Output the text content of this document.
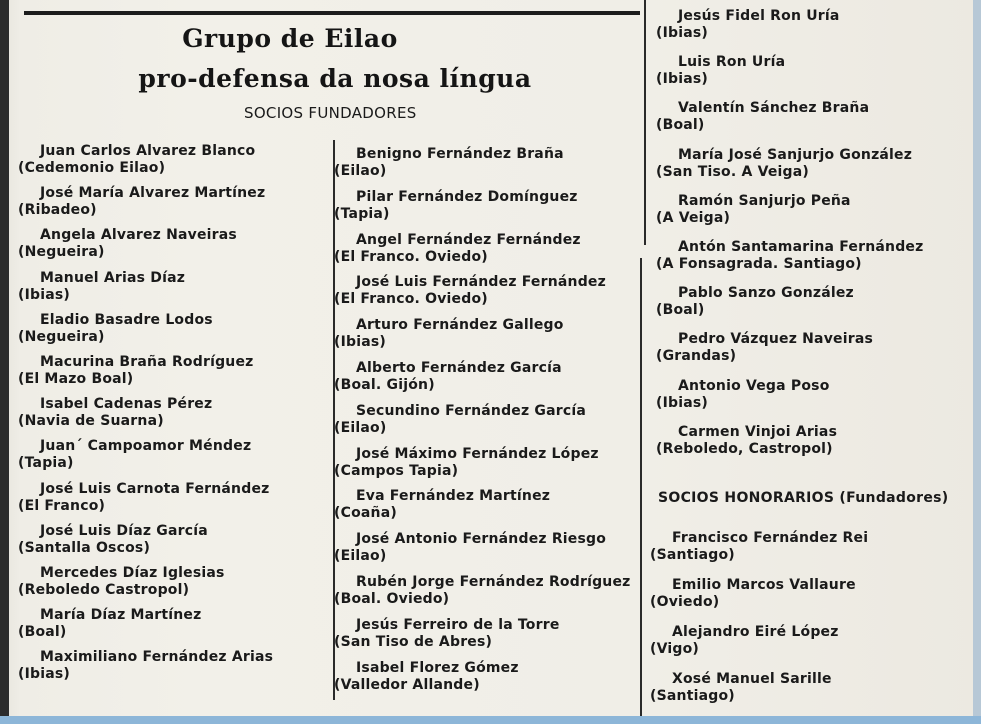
Grupo de Eilao
pro-defensa da nosa língua
SOCIOS FUNDADORES
Juan Carlos Alvarez Blanco
(Cedemonio Eilao)
José María Alvarez Martínez
(Ribadeo)
Angela Alvarez Naveiras
(Negueira)
Manuel Arias Díaz
(Ibias)
Eladio Basadre Lodos
(Negueira)
Macurina Braña Rodríguez
(El Mazo Boal)
Isabel Cadenas Pérez
(Navia de Suarna)
Juan´ Campoamor Méndez
(Tapia)
José Luis Carnota Fernández
(El Franco)
José Luis Díaz García
(Santalla Oscos)
Mercedes Díaz Iglesias
(Reboledo Castropol)
María Díaz Martínez
(Boal)
Maximiliano Fernández Arias
(Ibias)
Benigno Fernández Braña
(Eilao)
Pilar Fernández Domínguez
(Tapia)
Angel Fernández Fernández
(El Franco. Oviedo)
José Luis Fernández Fernández
(El Franco. Oviedo)
Arturo Fernández Gallego
(Ibias)
Alberto Fernández García
(Boal. Gijón)
Secundino Fernández García
(Eilao)
José Máximo Fernández López
(Campos Tapia)
Eva Fernández Martínez
(Coaña)
José Antonio Fernández Riesgo
(Eilao)
Rubén Jorge Fernández Rodríguez
(Boal. Oviedo)
Jesús Ferreiro de la Torre
(San Tiso de Abres)
Isabel Florez Gómez
(Valledor Allande)
Jesús Fidel Ron Uría
(Ibias)
Luis Ron Uría
(Ibias)
Valentín Sánchez Braña
(Boal)
María José Sanjurjo González
(San Tiso. A Veiga)
Ramón Sanjurjo Peña
(A Veiga)
Antón Santamarina Fernández
(A Fonsagrada. Santiago)
Pablo Sanzo González
(Boal)
Pedro Vázquez Naveiras
(Grandas)
Antonio Vega Poso
(Ibias)
Carmen Vinjoi Arias
(Reboledo, Castropol)
SOCIOS HONORARIOS (Fundadores)
Francisco Fernández Rei
(Santiago)
Emilio Marcos Vallaure
(Oviedo)
Alejandro Eiré López
(Vigo)
Xosé Manuel Sarille
(Santiago)
